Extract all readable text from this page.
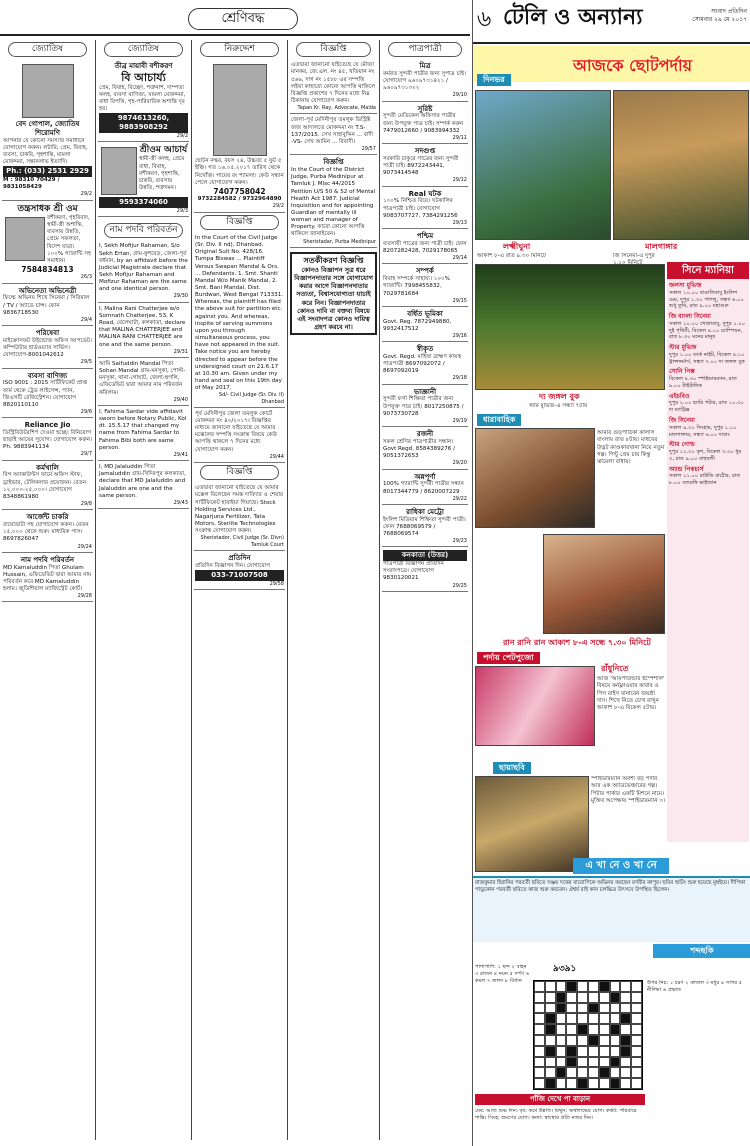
শ্রেণিবদ্ধ
জ্যোতিষ
বেদ গোপাল, জ্যোতিষ শিরোমণি
আপনার যে কোনো সমস্যার সমাধানে যোগাযোগ করুন। লটারি, প্রেম, বিবাহ, ব্যবসা, চাকরি, গৃহশান্তি, মামলা মোকদ্দমা, সন্তানলাভ ইত্যাদি।
Ph.: (033) 2531 2929
M : 98310 70429 / 9831058429
29/2
তন্ত্রসাধক শ্রী ওম
বশীকরণ, গৃহবিবাদ, স্বামী-স্ত্রী অশান্তি, ব্যবসায় উন্নতি, প্রেমে সফলতা, বিদেশ যাত্রা। ১০০% গ্যারান্টি সহ সমাধান।
7584834813
26/3
অভিনেতা অভিনেত্রী
ফিল্মে অভিনয় শিখে সিনেমা / সিরিয়াল / TV / অ্যাডে চান্স। ফোন 9836718530
29/4
পরিষেবা
মাইক্রোসফট উইন্ডোজ অফিস আপডেট। কম্পিউটার হার্ডওয়্যার সার্ভিস। যোগাযোগ-8001042612
29/5
ব্যবসা বাণিজ্য
ISO 9001 : 2015 সার্টিফিকেট প্রাপ্ত ফার্ম থেকে ট্রেড লাইসেন্স, প্যান, জিএসটি রেজিস্ট্রেশন। যোগাযোগ 8820110110
29/6
Reliance Jio
ডিস্ট্রিবিউটরশিপ দেওয়া হচ্ছে। বিনিয়োগ ছাড়াই আয়ের সুযোগ। যোগাযোগ করুন। Ph. 9883941134
29/7
কর্মখালি
বিগ অ্যাকাউন্টস ফার্মে অফিস স্টাফ, ড্রাইভার, টেলিকলার প্রয়োজন। বেতন ১২,০০০-২৫,০০০। যোগাযোগ 8348861980
29/8
আর্জেন্ট চাকরি
বায়োডাটা সহ যোগাযোগ করুন। বেতন ১৫,০০০ থেকে শুরু। মাধ্যমিক পাস। 8697826047
29/24
নাম পদবি পরিবর্তন
MD Kamaluddin পিতা Ghulam Hussain, এফিডেভিট দ্বারা আমার নাম পরিবর্তন করে MD Kamaluddin হলাম। জুডিশিয়াল ম্যাজিস্ট্রেট কোর্ট।
29/28
জ্যোতিষ
তীব্র মায়াবী বশীকরণ
বি আচার্য্য
প্রেম, বিবাহ, বিচ্ছেদ, শত্রুনাশ, দাম্পত্য কলহ, ব্যবসা বাণিজ্য, মামলা মোকদ্দমা, বাধা বিপত্তি, গৃহ-পারিবারিক অশান্তি দূর হয়।
9874613260, 9883908292
29/2
শ্রীওম আচার্য
স্বামী-স্ত্রী কলহ, প্রেমে বাধা, বিবাহ, বশীকরণ, গৃহশান্তি, চাকরি, ব্যবসায় উন্নতি, শত্রুদমন।
9593374060
29/3
নাম পদবি পরিবর্তন
I, Sekh Mofijur Rahaman, S/o Sekh Ertan, গ্রাম-কুশবেড়, জেলা-পূর্ব বর্ধমান, by an affidavit before the Judicial Magistrate declare that Sekh Mofijur Rahaman and Mofizur Rahaman are the same and one identical person.
29/30
I, Malina Rani Chatterjee w/o Somnath Chatterjee, 53, K Road, বেলেঘাটা, কলকাতা, declare that MALINA CHATTERJEE and MALINA RANI CHATTERJEE are one and the same person.
29/31
আমি Saifuddin Mandal পিতা Sohan Mandal গ্রাম-মনসুকা, পোস্ট-মনসুকা, থানা-গোঘাট, জেলা-হুগলি, এফিডেভিট দ্বারা আমার নাম পরিবর্তন করিলাম।
29/40
I, Fahima Sardar vide affidavit sworn before Notary Public, Kol dt. 15.5.17 that changed my name from Fahima Sardar to Fahima Bibi both are same person.
29/41
I, MD Jalaluddin পিতা Jamaluddin গ্রাম-খিদিরপুর কলকাতা, declare that MD Jalaluddin and Jalaluddin are one and the same person.
29/43
নিরুদ্দেশ
ছোটন নস্কর, বয়স ২৪, উচ্চতা ৫ ফুট ৫ ইঞ্চি। গত ১৬.০৫.২০১৭ তারিখ থেকে নিখোঁজ। গায়ের রং শ্যামলা। কেউ সন্ধান পেলে যোগাযোগ করুন।
7407758042
9732284582 / 9732964890
29/2
বিজ্ঞপ্তি
In the Court of the Civil Judge (Sr. Div. II nd), Dhanbad. Original Suit No. 428/16. Tumpa Biswas ... Plaintiff Versus Swapan Mandal & Ors. ... Defendants. 1. Smt. Shanti Mandal W/o Manik Mandal, 2. Smt. Bani Mandal, Dist. Burdwan, West Bengal 713331. Whereas, the plaintiff has filed the above suit for partition etc. against you. And whereas, inspite of serving summons upon you through simultaneous process, you have not appeared in the suit. Take notice you are hereby directed to appear before the undersigned court on 21.6.17 at 10.30 am. Given under my hand and seal on this 19th day of May 2017.
Sd/- Civil Judge (Sr. Div. II) Dhanbad
পূর্ব মেদিনীপুর জেলা তমলুক কোর্টে মোকদ্দমা নং ৪০/২০১৭। বিজ্ঞপ্তির মাধ্যমে জানানো যাইতেছে যে আমার মক্কেলের সম্পত্তি সংক্রান্ত বিষয়ে কেউ আপত্তি থাকলে ৭ দিনের মধ্যে যোগাযোগ করুন।
29/44
বিজ্ঞপ্তি
এতদ্বারা জানানো যাইতেছে যে আমার মক্কেল বিলেছেন সমস্ত দাবিদার ও শেয়ার সার্টিফিকেট হারাইয়া গিয়াছে। Stock Holding Services Ltd., Nagarjuna Fertilizer, Tata Motors, Sterlite Technologies সংক্রান্ত যোগাযোগ করুন।
Sheriotador, Civil Judge (Sr. Divn) Tamluk Court
প্রতিদিন
প্রতিদিন বিজ্ঞাপন দিন। যোগাযোগ
033-71007508
29/58
বিজ্ঞপ্তি
এতদ্বারা জানানো যাইতেছে যে মৌজা মানকর, জে.এল. নং ৪৫, খতিয়ান নং ৫৬৬, দাগ নং ১৫৮৮ এর সম্পত্তি লইয়া কাহারো কোনো আপত্তি থাকিলে বিজ্ঞপ্তি প্রকাশের ৭ দিনের মধ্যে নিম্ন ঠিকানায় যোগাযোগ করুন।
Tapan Kr. Ray, Advocate, Malda
জেলা-পূর্ব মেদিনীপুর তমলুক ডিস্ট্রিক্ট জজ আদালতে মোকদ্দমা নং T.S-137/2015. সেখ সাহাবুদ্দিন ... বাদী -VS- সেখ আমিন ... বিবাদী।
29/57
বিজ্ঞপ্তি
In the Court of the District Judge, Purba Medinipur at Tamluk J. Misc 44/2015 Petition U/S 50 & 52 of Mental Health Act 1987. Judicial Inquisition and for appointing Guardian of mentally ill woman and manager of Property. কারো কোনো আপত্তি থাকিলে জানাইবেন।
Sheristadar, Purba Medinipur
সতর্কীকরণ বিজ্ঞপ্তি
কোনও বিজ্ঞাপন সুত্র ধরে বিজ্ঞাপনদাতার সঙ্গে যোগাযোগ করার আগে বিজ্ঞাপনদাতার সত্যতা, বিশ্বাসযোগ্যতা যাচাই করে নিন। বিজ্ঞাপনদাতার কোনও দাবি বা বক্তব্য বিষয়ে এই সংবাদপত্র কোনও দায়িত্ব গ্রহণ করবে না।
পাত্রপাত্রী
মিত্র
কর্মরত সুন্দরী পাত্রীর জন্য সুপাত্র চাই। যোগাযোগ ৯৬০৯৭৩১৪২১ / ৯৬০৯৭৩১৩২২
29/10
সুরিষ্ট
সুন্দরী মেডিকেল অফিসার পাত্রীর জন্য উপযুক্ত পাত্র চাই। সম্পর্ক করুন 7479012660 / 9083994332
29/11
সদগুপ্ত
সরকারি চাকুরে পাত্রের জন্য সুন্দরী পাত্রী চাই। 8972243441, 9073414548
29/12
Real ঘটক
১০০% নিশ্চিত বিয়ে। ঘটকালির পাত্রপাত্রী চাই। যোগাযোগ 9083707727, 7384291256
29/13
পশ্চিম
ব্যবসায়ী পাত্রের জন্য পাত্রী চাই। ফোন 8207282428, 7029178065
29/14
সম্পর্ক
বিবাহ সম্পর্কে সাহায্য। ১০০% গ্যারান্টি। 7998455832, 7029781684
29/15
বর্ধিত ভূমিকা
Govt. Reg. 7872949880, 9932417512
29/16
স্বীকৃত
Govt. Regd. মাহিষ্য ব্রাহ্মণ কায়স্থ পাত্রপাত্রী 8697092072 / 8697092019
29/18
ভাজ্ঞানী
সুন্দরী ফর্সা শিক্ষিতা পাত্রীর জন্য উপযুক্ত পাত্র চাই। 8017250875 / 9073730728
29/19
রজনী
সকল শ্রেণির পাত্রপাত্রীর সন্ধান। Govt Regd. 8584389276 / 9051372653
29/20
অন্নপূর্ণা
100% গ্যারান্টি সুন্দরী পাত্রীর সন্ধান 8017344779 / 8620007229
29/22
রাধিকা মেট্রো
ইংলিশ মিডিয়াম শিক্ষিতা সুন্দরী পাত্রী। ফোন 7688069579 / 7688069574
29/23
কনকাতা (উত্তর)
পাত্রপাত্রী বিজ্ঞাপন প্রতিদিন সংবাদপত্রে। যোগাযোগ 9830120021
29/25
৬ টেলি ও অন্যান্য	সংবাদ প্রতিদিন
সোমবার ২৯ মে ২০১৭
আজকে ছোটপর্দায়
দিনভর
লক্ষ্মীঘুনা	মালগাঙ্গার
আকাশ ৮-এ রাত ৯.৩০ মিনিটে	জি সিনেমা-এ দুপুর
দ্য জঙ্গল বুক
স্টার মুভিজ-এ সন্ধ্যা ৭টায়
ধারাবাহিক
আমার গুড়পাঠিকা কালার্স বাংলায় রাত ৮টায়। মাধবের উদ্ভট কাণ্ডকারখানা নিয়ে নতুন গল্প। পিন্টু প্রেম চায় কিন্তু ঝামেলা বাধায়।
রান রানি রান আকাশ ৮-এ সন্ধে ৭.৩০ মিনিটে
পর্দায় পেটপুজো
রাঁধুনিতে
আজ 'আমপাউন্ডার ইস্পেশাল' বিষয়ে কর্নফ্লাওয়ার কাবাব ও পিস রাইস বানাবেন জয়শ্রী দাস। শিখে নিতে চোখ রাখুন আকাশ ৮-এ বিকেল ৫টায়।
ছায়াছবি
স্পাইডারম্যান অবশ্য বড় পর্দার আর এক অ্যাডভেঞ্চারের গল্প। পিটার পার্কার একটি মিশনে নামে। মুক্তির অপেক্ষায় স্পাইডারম্যান ৩।
সিনে ম্যানিয়া
জলসা মুভিজ
সকাল ১০.০০ বাঙালিবাবু ইংলিশ মেম, দুপুর ১.৩০ পাগলু, সন্ধ্যা ৬.০০ শুধু তুমি, রাত ৯.০০ মহাগুরু
জি বাংলা সিনেমা
সকাল ১০.০০ খোকাবাবু, দুপুর ১.০০ দুই পৃথিবী, বিকেল ৪.০০ চ্যাম্পিয়ন, রাত ৮.৩০ মনের মানুষ
স্টার মুভিজ
দুপুর ১.০০ ডার্ক নাইট, বিকেল ৪.১০ ট্রান্সফর্মার্স, সন্ধ্যা ৭.০০ দ্য জঙ্গল বুক
সোনি পিক্স
বিকেল ৪.৩০ স্পাইডারম্যান, রাত ৯.০০ টাইটানিক
এইচবিও
দুপুর ২.০০ হ্যারি পটার, রাত ১০.৩০ দ্য ম্যাট্রিক্স
জি সিনেমা
সকাল ৯.৩০ সিংহাম, দুপুর ১.১০ মালগাঙ্গার, সন্ধ্যা ৬.০০ দাবাং
স্টার গোল্ড
দুপুর ১২.৩০ কৃশ, বিকেল ৩.৩০ ধুম ৩, রাত ৯.০০ বাহুবলী
অ্যান্ড পিকচার্স
সকাল ১১.০০ রাউডি রাঠৌর, রাত ৮.০০ বজরঙ্গি ভাইজান
এ খা নে ও খা নে
রাজকুমার হিরানির পরবর্তী ছবিতে সঞ্জয় দত্তের বায়োপিকে অভিনয় করছেন রণবীর কাপুর। ছবির শুটিং শুরু হয়েছে মুম্বইয়ে। দীপিকা পাড়ুকোন পরবর্তী ছবিতে কাজ শুরু করবেন। ঐশ্বর্য রাই কান চলচ্চিত্র উৎসবে উপস্থিত ছিলেন।
শব্দছকি
৯৩৯১
পাশাপাশি: ১ ছন্দ ২ বাহন ৩ রাজন ৪ নয়ন ৫ দর্পণ ৬ কমল ৭ জলদ ৮ বিধান	উপর নিচ: ১ চরণ ২ কাজল ৩ মধুর ৪ সাগর ৫ নীলিমা ৬ প্রভাত
পাঁজি দেখে পা বাড়ান
মেষ: আজ শুভ দিন। বৃষ: কর্মে উন্নতি। মিথুন: অর্থলাভের যোগ। কর্কট: পরিবারে শান্তি। সিংহ: ভ্রমণের যোগ। কন্যা: স্বাস্থ্যের প্রতি নজর দিন।
